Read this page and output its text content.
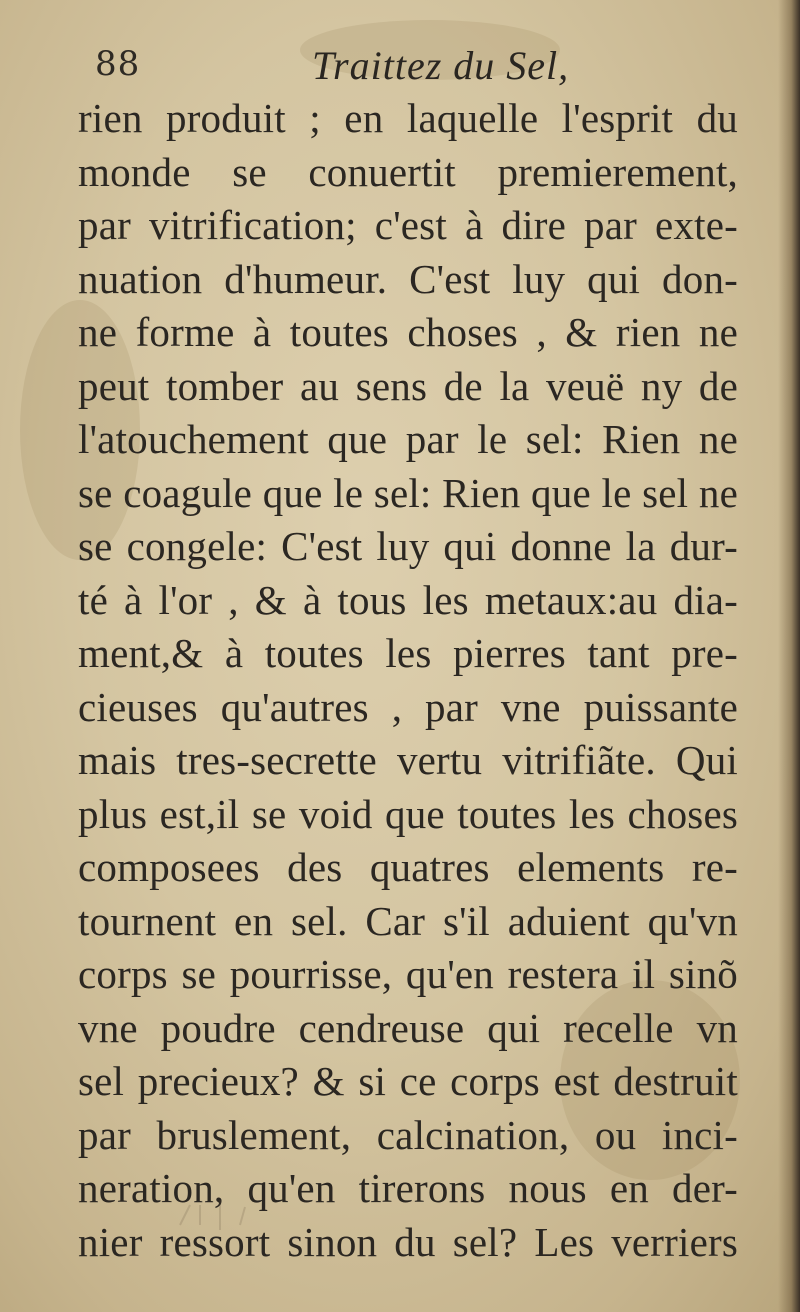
88	Traittez du Sel,
rien produit ; en laquelle l'esprit du
monde se conuertit premierement,
par vitrification; c'est à dire par exte-
nuation d'humeur. C'est luy qui don-
ne forme à toutes choses , & rien ne
peut tomber au sens de la veuë ny de
l'atouchement que par le sel: Rien ne
se coagule que le sel: Rien que le sel ne
se congele: C'est luy qui donne la dur-
té à l'or , & à tous les metaux:au dia-
ment,& à toutes les pierres tant pre-
cieuses qu'autres , par vne puissante
mais tres-secrette vertu vitrifiãte. Qui
plus est,il se void que toutes les choses
composees des quatres elements re-
tournent en sel. Car s'il aduient qu'vn
corps se pourrisse, qu'en restera il sinõ
vne poudre cendreuse qui recelle vn
sel precieux? & si ce corps est destruit
par bruslement, calcination, ou inci-
neration, qu'en tirerons nous en der-
nier ressort sinon du sel? Les verriers
